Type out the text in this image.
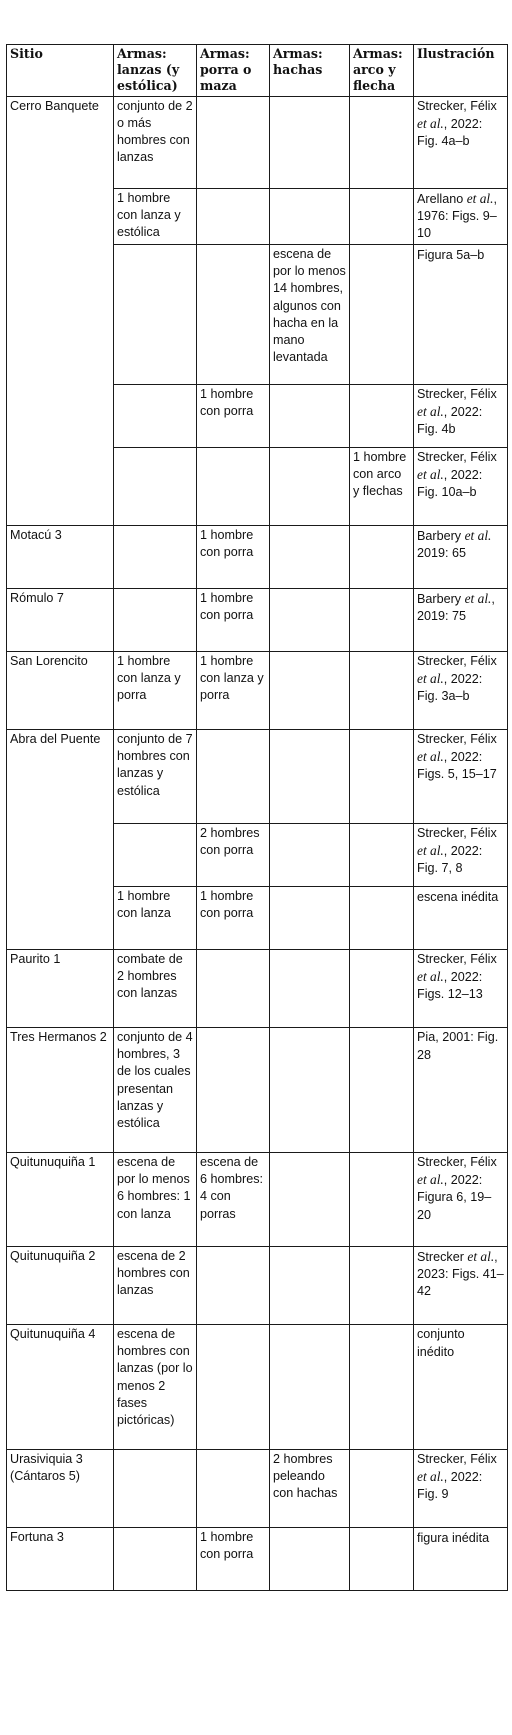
Sitio	Armas: lanzas (y estólica)	Armas: porra o maza	Armas: hachas	Armas: arco y flecha	Ilustración
Cerro Banquete	conjunto de 2 o más hombres con lanzas				Strecker, Félix et al., 2022: Fig. 4a–b
	1 hombre con lanza y estólica				Arellano et al., 1976: Figs. 9–10
			escena de por lo menos 14 hombres, algunos con hacha en la mano levantada		Figura 5a–b
		1 hombre con porra			Strecker, Félix et al., 2022: Fig. 4b
				1 hombre con arco y flechas	Strecker, Félix et al., 2022: Fig. 10a–b
Motacú 3		1 hombre con porra			Barbery et al. 2019: 65
Rómulo 7		1 hombre con porra			Barbery et al., 2019: 75
San Lorencito	1 hombre con lanza y porra	1 hombre con lanza y porra			Strecker, Félix et al., 2022: Fig. 3a–b
Abra del Puente	conjunto de 7 hombres con lanzas y estólica				Strecker, Félix et al., 2022: Figs. 5, 15–17
		2 hombres con porra			Strecker, Félix et al., 2022: Fig. 7, 8
	1 hombre con lanza	1 hombre con porra			escena inédita
Paurito 1	combate de 2 hombres con lanzas				Strecker, Félix et al., 2022: Figs. 12–13
Tres Hermanos 2	conjunto de 4 hombres, 3 de los cuales presentan lanzas y estólica				Pia, 2001: Fig. 28
Quitunuquiña 1	escena de por lo menos 6 hombres: 1 con lanza	escena de 6 hombres: 4 con porras			Strecker, Félix et al., 2022: Figura 6, 19–20
Quitunuquiña 2	escena de 2 hombres con lanzas				Strecker et al., 2023: Figs. 41–42
Quitunuquiña 4	escena de hombres con lanzas (por lo menos 2 fases pictóricas)				conjunto inédito
Urasiviquia 3 (Cántaros 5)			2 hombres peleando con hachas		Strecker, Félix et al., 2022: Fig. 9
Fortuna 3		1 hombre con porra			figura inédita
